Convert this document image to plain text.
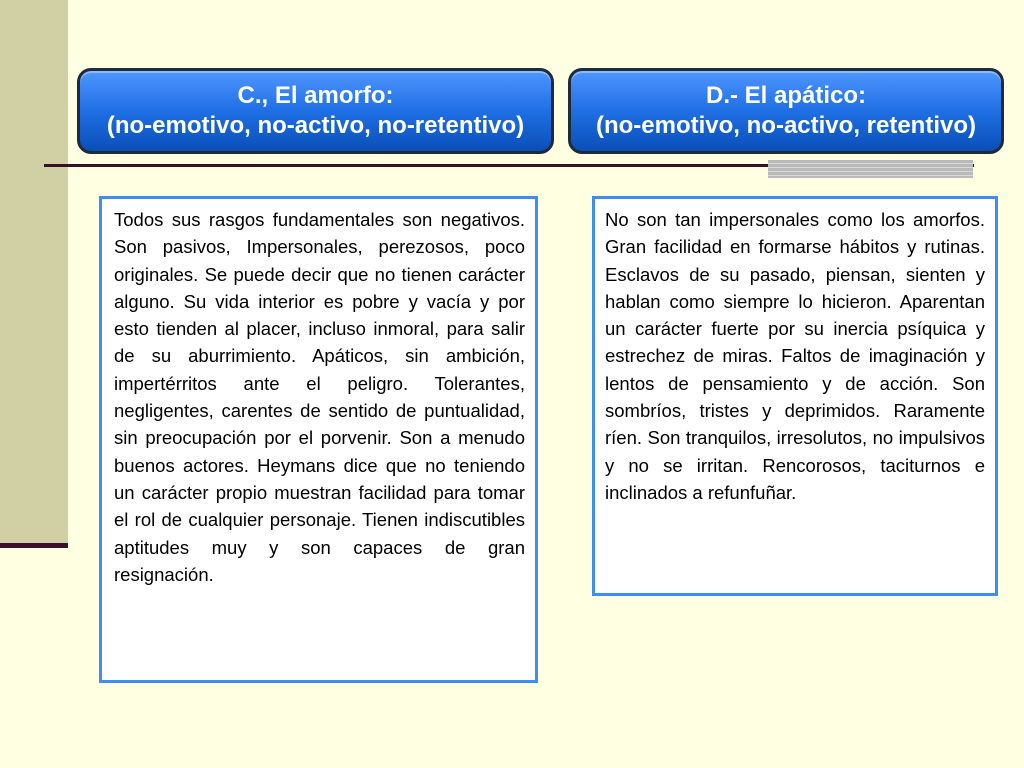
C., El amorfo:
(no-emotivo, no-activo, no-retentivo)
D.- El apático:
(no-emotivo, no-activo, retentivo)

Todos sus rasgos fundamentales son negativos. Son pasivos, Impersonales, perezosos, poco originales. Se puede decir que no tienen carácter alguno. Su vida interior es pobre y vacía y por esto tienden al placer, incluso inmoral, para salir de su aburrimiento. Apáticos, sin ambición, impertérritos ante el peligro. Tolerantes, negligentes, carentes de sentido de puntualidad, sin preocupación por el porvenir. Son a menudo buenos actores. Heymans dice que no teniendo un carácter propio muestran facilidad para tomar el rol de cualquier personaje. Tienen indiscutibles aptitudes muy y son capaces de gran resignación.

No son tan impersonales como los amorfos. Gran facilidad en formarse hábitos y rutinas. Esclavos de su pasado, piensan, sienten y hablan como siempre lo hicieron. Aparentan un carácter fuerte por su inercia psíquica y estrechez de miras. Faltos de imaginación y lentos de pensamiento y de acción. Son sombríos, tristes y deprimidos. Raramente ríen. Son tranquilos, irresolutos, no impulsivos y no se irritan. Rencorosos, taciturnos e inclinados a refunfuñar.
